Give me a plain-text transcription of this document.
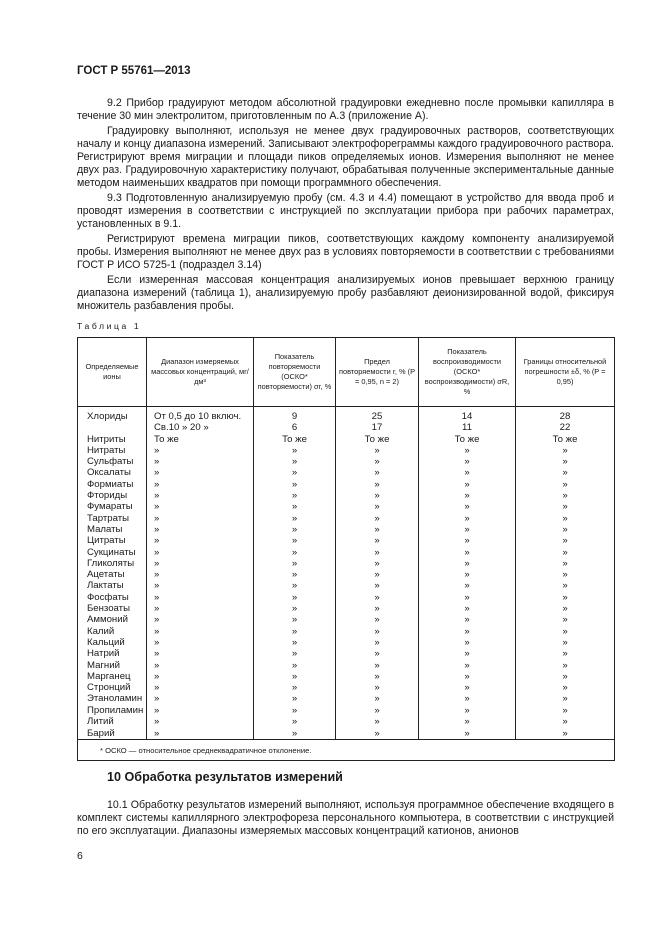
ГОСТ Р 55761—2013

9.2 Прибор градуируют методом абсолютной градуировки ежедневно после промывки капилляра в течение 30 мин электролитом, приготовленным по А.3 (приложение А).

Градуировку выполняют, используя не менее двух градуировочных растворов, соответствующих началу и концу диапазона измерений. Записывают электрофореграммы каждого градуировочного раствора. Регистрируют время миграции и площади пиков определяемых ионов. Измерения выполняют не менее двух раз. Градуировочную характеристику получают, обрабатывая полученные экспериментальные данные методом наименьших квадратов при помощи программного обеспечения.

9.3 Подготовленную анализируемую пробу (см. 4.3 и 4.4) помещают в устройство для ввода проб и проводят измерения в соответствии с инструкцией по эксплуатации прибора при рабочих параметрах, установленных в 9.1.

Регистрируют времена миграции пиков, соответствующих каждому компоненту анализируемой пробы. Измерения выполняют не менее двух раз в условиях повторяемости в соответствии с требованиями ГОСТ Р ИСО 5725-1 (подраздел 3.14)

Если измеренная массовая концентрация анализируемых ионов превышает верхнюю границу диапазона измерений (таблица 1), анализируемую пробу разбавляют деионизированной водой, фиксируя множитель разбавления пробы.

Таблица 1
Определяемые ионы	Диапазон измеряемых массовых концентраций, мг/дм³	Показатель повторяемости (ОСКО* повторяемости) σr, %	Предел повторяемости r, % (P = 0,95, n = 2)	Показатель воспроизводимости (ОСКО* воспроизводимости) σR, %	Границы относительной погрешности ±δ, % (P = 0,95)

Хлориды	От 0,5 до 10 включ.	9	25	14	28
	Св.10 » 20 »	6	17	11	22
Нитриты	То же	То же	То же	То же	То же
Нитраты	»	»	»	»	»
Сульфаты	»	»	»	»	»
Оксалаты	»	»	»	»	»
Формиаты	»	»	»	»	»
Фториды	»	»	»	»	»
Фумараты	»	»	»	»	»
Тартраты	»	»	»	»	»
Малаты	»	»	»	»	»
Цитраты	»	»	»	»	»
Сукцинаты	»	»	»	»	»
Гликоляты	»	»	»	»	»
Ацетаты	»	»	»	»	»
Лактаты	»	»	»	»	»
Фосфаты	»	»	»	»	»
Бензоаты	»	»	»	»	»
Аммоний	»	»	»	»	»
Калий	»	»	»	»	»
Кальций	»	»	»	»	»
Натрий	»	»	»	»	»
Магний	»	»	»	»	»
Марганец	»	»	»	»	»
Стронций	»	»	»	»	»
Этаноламин	»	»	»	»	»
Пропиламин	»	»	»	»	»
Литий	»	»	»	»	»
Барий	»	»	»	»	»
* ОСКО — относительное среднеквадратичное отклонение.					
10 Обработка результатов измерений

10.1 Обработку результатов измерений выполняют, используя программное обеспечение входящего в комплект системы капиллярного электрофореза персонального компьютера, в соответствии с инструкцией по его эксплуатации. Диапазоны измеряемых массовых концентраций катионов, анионов

6
